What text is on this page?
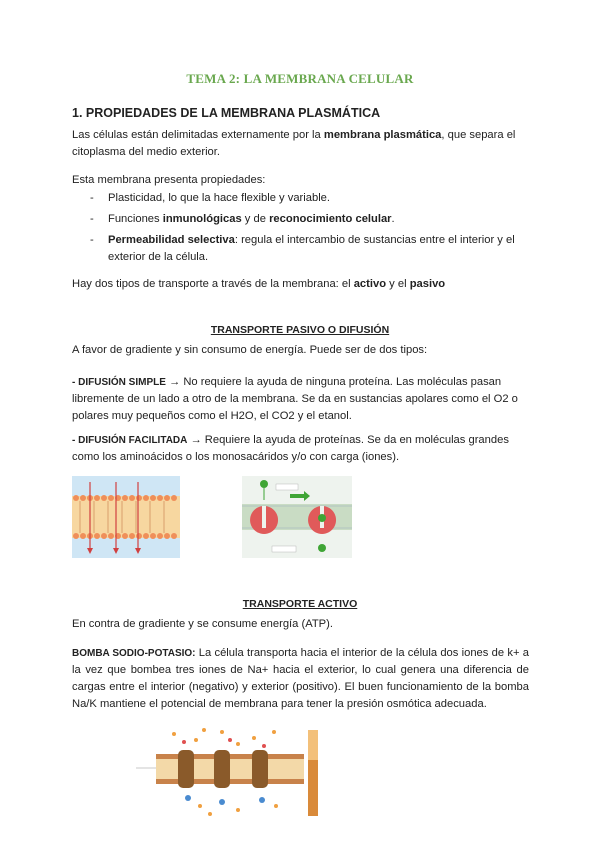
TEMA 2: LA MEMBRANA CELULAR
1. PROPIEDADES DE LA MEMBRANA PLASMÁTICA
Las células están delimitadas externamente por la membrana plasmática, que separa el citoplasma del medio exterior.
Esta membrana presenta propiedades:
- Plasticidad, lo que la hace flexible y variable.
- Funciones inmunológicas y de reconocimiento celular.
- Permeabilidad selectiva: regula el intercambio de sustancias entre el interior y el exterior de la célula.
Hay dos tipos de transporte a través de la membrana: el activo y el pasivo
TRANSPORTE PASIVO O DIFUSIÓN
A favor de gradiente y sin consumo de energía. Puede ser de dos tipos:
- DIFUSIÓN SIMPLE → No requiere la ayuda de ninguna proteína. Las moléculas pasan libremente de un lado a otro de la membrana. Se da en sustancias apolares como el O2 o polares muy pequeños como el H2O, el CO2 y el etanol.
- DIFUSIÓN FACILITADA → Requiere la ayuda de proteínas. Se da en moléculas grandes como los aminoácidos o los monosacáridos y/o con carga (iones).
TRANSPORTE ACTIVO
En contra de gradiente y se consume energía (ATP).
BOMBA SODIO-POTASIO: La célula transporta hacia el interior de la célula dos iones de k+ a la vez que bombea tres iones de Na+ hacia el exterior, lo cual genera una diferencia de cargas entre el interior (negativo) y exterior (positivo). El buen funcionamiento de la bomba Na/K mantiene el potencial de membrana para tener la presión osmótica adecuada.
